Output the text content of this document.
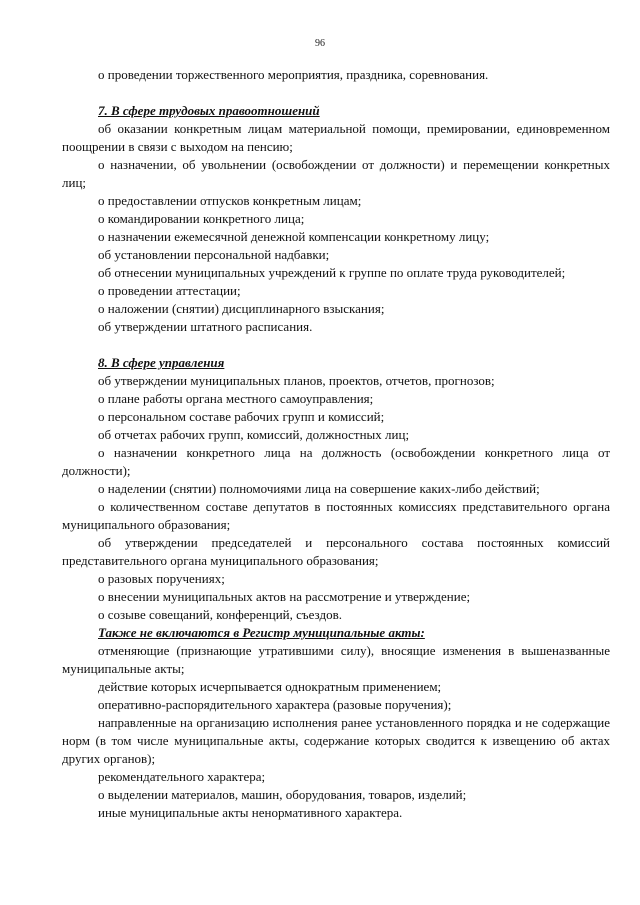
96

о проведении торжественного мероприятия, праздника, соревнования.

7. В сфере трудовых правоотношений

об оказании конкретным лицам материальной помощи, премировании, единовременном поощрении в связи с выходом на пенсию;

о назначении, об увольнении (освобождении от должности) и перемещении конкретных лиц;

о предоставлении отпусков конкретным лицам;

о командировании конкретного лица;

о назначении ежемесячной денежной компенсации конкретному лицу;

об установлении персональной надбавки;

об отнесении муниципальных учреждений к группе по оплате труда руководителей;

о проведении аттестации;

о наложении (снятии) дисциплинарного взыскания;

об утверждении штатного расписания.

8. В сфере управления

об утверждении муниципальных планов, проектов, отчетов, прогнозов;

о плане работы органа местного самоуправления;

о персональном составе рабочих групп и комиссий;

об отчетах рабочих групп, комиссий, должностных лиц;

о назначении конкретного лица на должность (освобождении конкретного лица от должности);

о наделении (снятии) полномочиями лица на совершение каких-либо действий;

о количественном составе депутатов в постоянных комиссиях представительного органа муниципального образования;

об утверждении председателей и персонального состава постоянных комиссий представительного органа муниципального образования;

о разовых поручениях;

о внесении муниципальных актов на рассмотрение и утверждение;

о созыве совещаний, конференций, съездов.

Также не включаются в Регистр муниципальные акты:

отменяющие (признающие утратившими силу), вносящие изменения в вышеназванные муниципальные акты;

действие которых исчерпывается однократным применением;

оперативно-распорядительного характера (разовые поручения);

направленные на организацию исполнения ранее установленного порядка и не содержащие норм (в том числе муниципальные акты, содержание которых сводится к извещению об актах других органов);

рекомендательного характера;

о выделении материалов, машин, оборудования, товаров, изделий;

иные муниципальные акты ненормативного характера.
